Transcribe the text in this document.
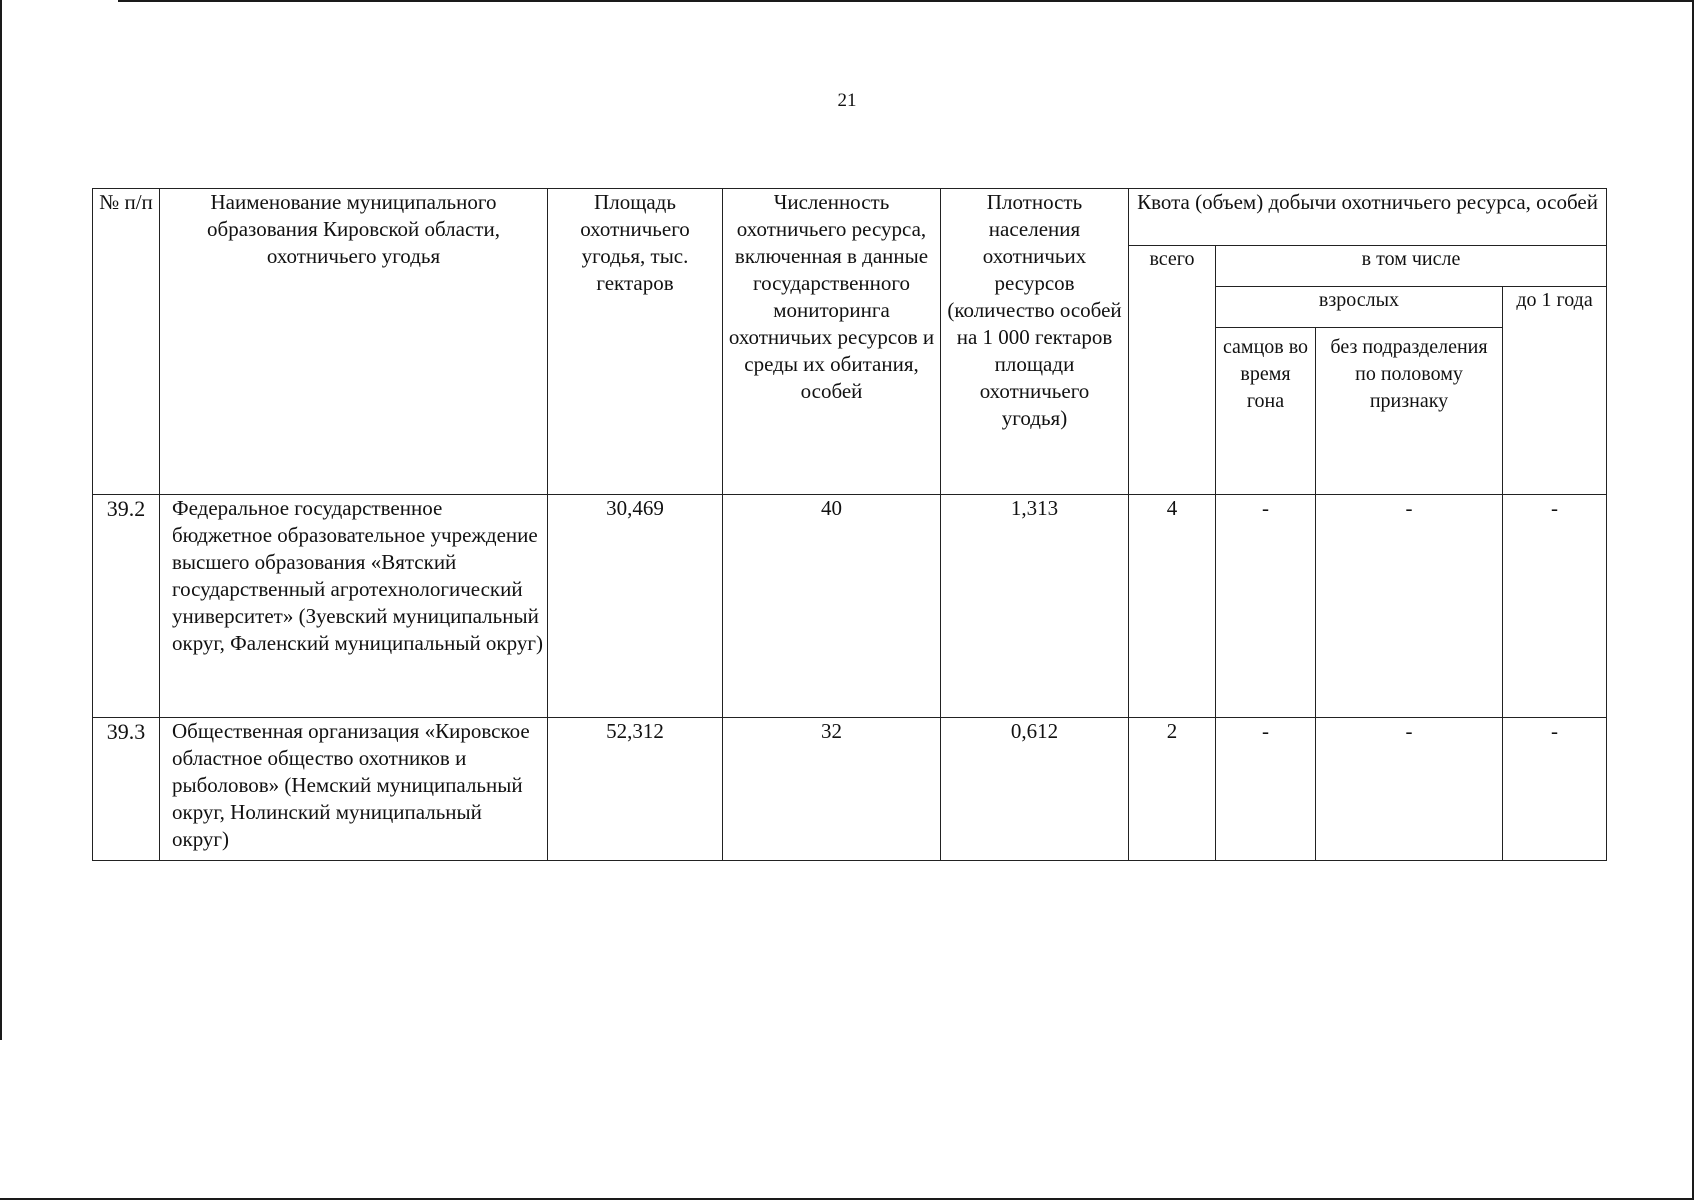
21
№ п/п	Наименование муниципального образования Кировской области, охотничьего угодья	Площадь охотничьего угодья, тыс. гектаров	Численность охотничьего ресурса, включенная в данные государственного мониторинга охотничьих ресурсов и среды их обитания, особей	Плотность населения охотничьих ресурсов (количество особей на 1 000 гектаров площади охотничьего угодья)	Квота (объем) добычи охотничьего ресурса, особей			
					всего	в том числе		
						взрослых		до 1 года
						самцов во время гона	без подразделения по половому признаку	
39.2	Федеральное государственное бюджетное образовательное учреждение высшего образования «Вятский государственный агротехнологический университет» (Зуевский муниципальный округ, Фаленский муниципальный округ)	30,469	40	1,313	4	-	-	-
39.3	Общественная организация «Кировское областное общество охотников и рыболовов» (Немский муниципальный округ, Нолинский муниципальный округ)	52,312	32	0,612	2	-	-	-
